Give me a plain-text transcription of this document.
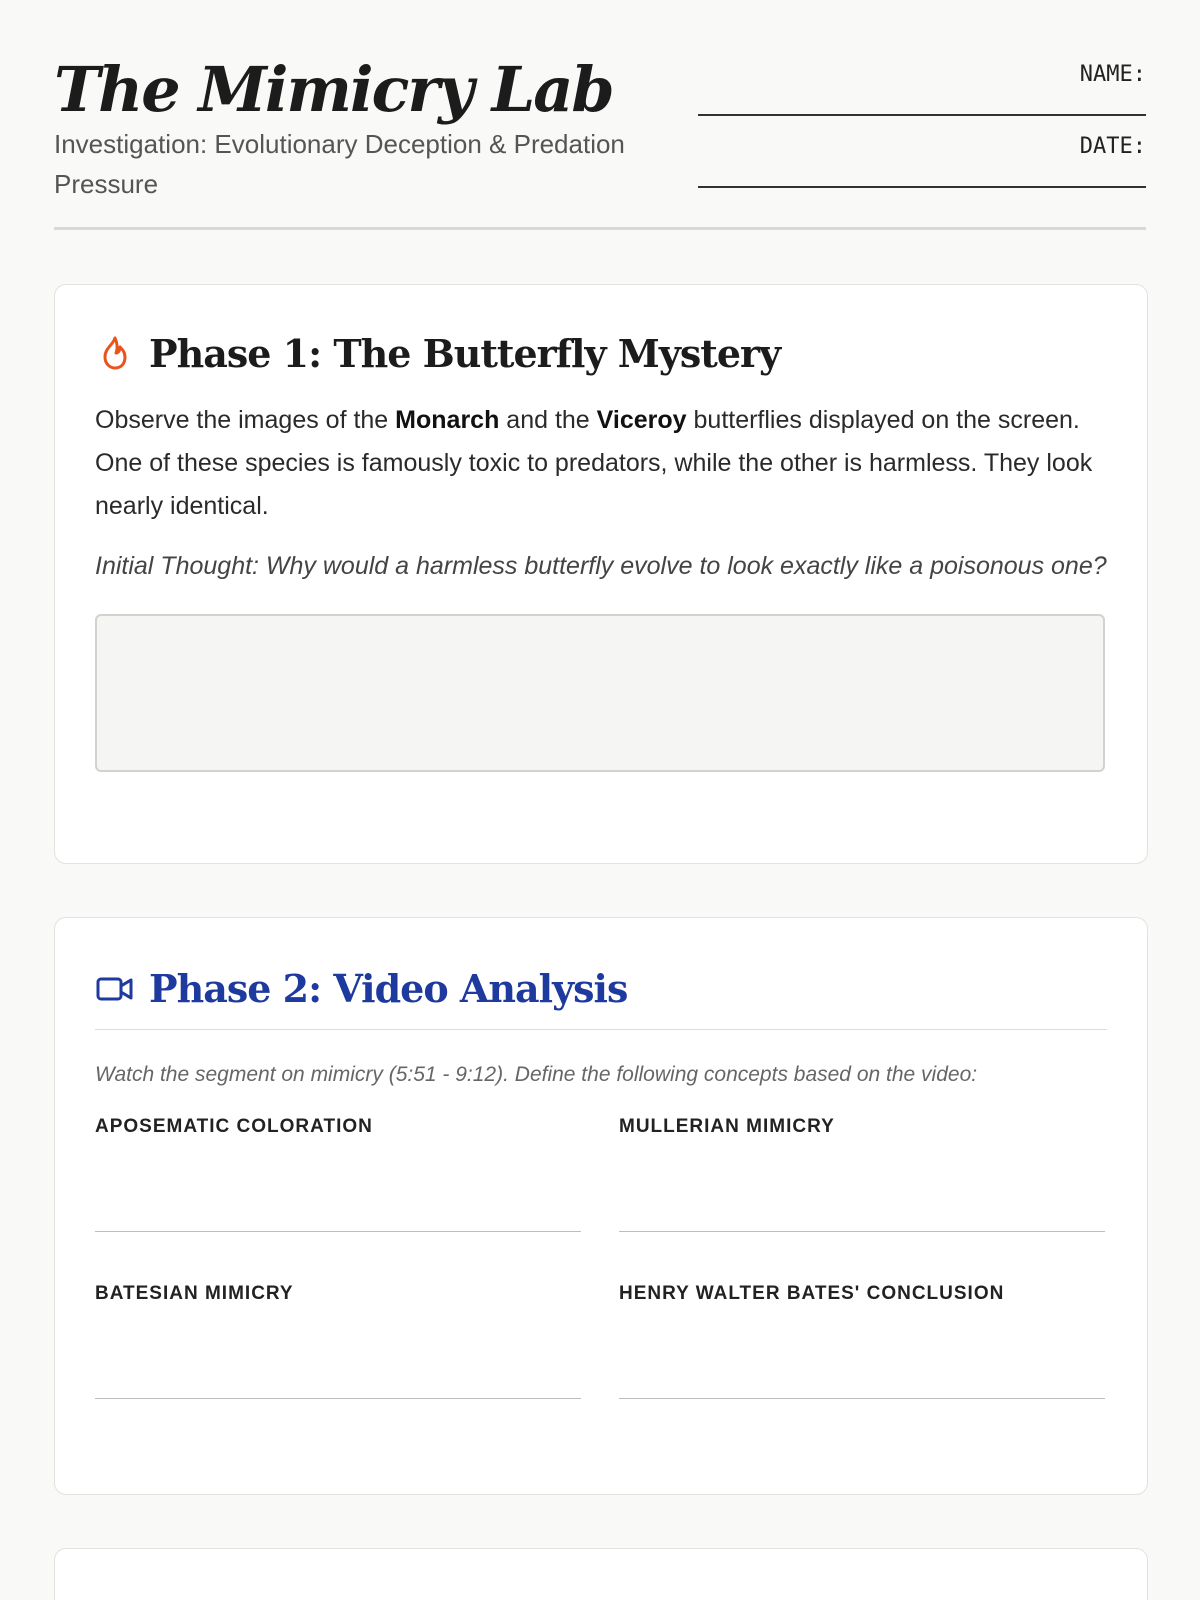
The Mimicry Lab

Investigation: Evolutionary Deception & Predation Pressure

NAME:
DATE:
Phase 1: The Butterfly Mystery

Observe the images of the Monarch and the Viceroy butterflies displayed on the screen. One of these species is famously toxic to predators, while the other is harmless. They look nearly identical.

Initial Thought: Why would a harmless butterfly evolve to look exactly like a poisonous one?

Phase 2: Video Analysis

Watch the segment on mimicry (5:51 - 9:12). Define the following concepts based on the video:

APOSEMATIC COLORATION	MULLERIAN MIMICRY
BATESIAN MIMICRY	HENRY WALTER BATES' CONCLUSION
